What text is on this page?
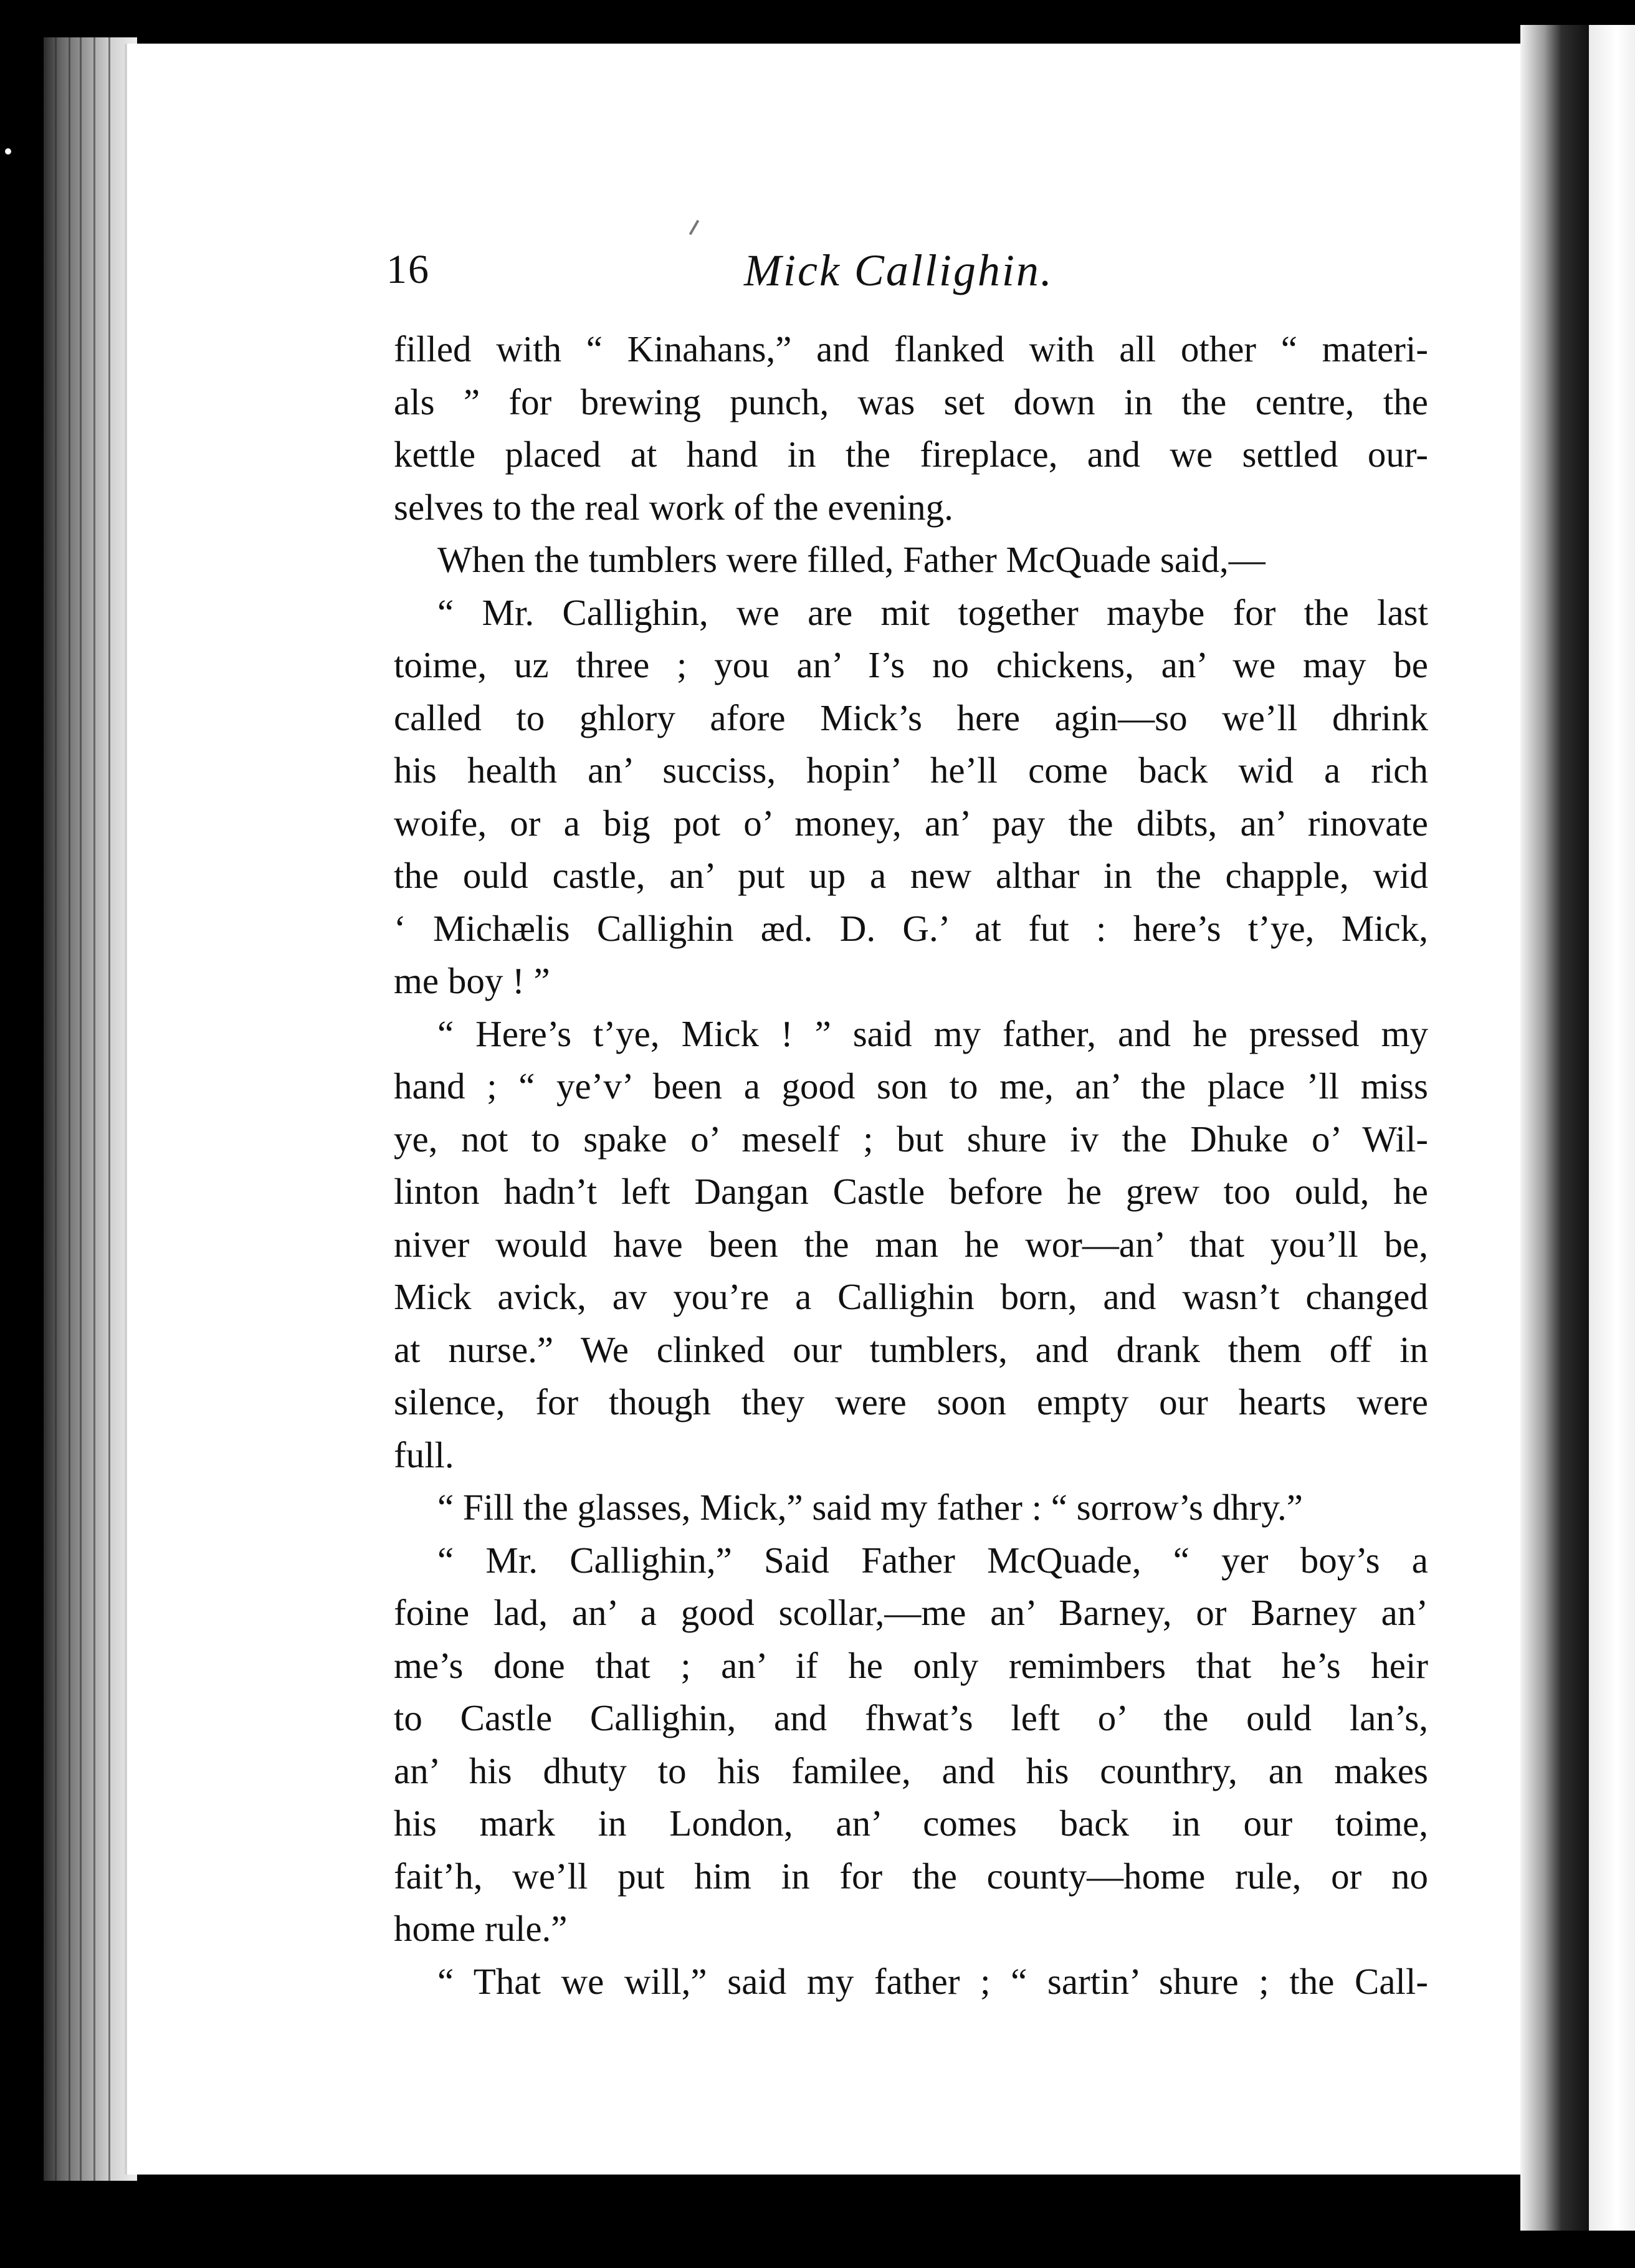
16	Mick Callighin.

filled with “ Kinahans,” and flanked with all other “ materi-

als ” for brewing punch, was set down in the centre, the

kettle placed at hand in the fireplace, and we settled our-

selves to the real work of the evening.

When the tumblers were filled, Father McQuade said,—

“ Mr. Callighin, we are mit together maybe for the last

toime, uz three ; you an’ I’s no chickens, an’ we may be

called to ghlory afore Mick’s here agin—so we’ll dhrink

his health an’ succiss, hopin’ he’ll come back wid a rich

woife, or a big pot o’ money, an’ pay the dibts, an’ rinovate

the ould castle, an’ put up a new althar in the chapple, wid

‘ Michælis Callighin æd. D. G.’ at fut : here’s t’ye, Mick,

me boy ! ”

“ Here’s t’ye, Mick ! ” said my father, and he pressed my

hand ; “ ye’v’ been a good son to me, an’ the place ’ll miss

ye, not to spake o’ meself ; but shure iv the Dhuke o’ Wil-

linton hadn’t left Dangan Castle before he grew too ould, he

niver would have been the man he wor—an’ that you’ll be,

Mick avick, av you’re a Callighin born, and wasn’t changed

at nurse.” We clinked our tumblers, and drank them off in

silence, for though they were soon empty our hearts were

full.

“ Fill the glasses, Mick,” said my father : “ sorrow’s dhry.”

“ Mr. Callighin,” Said Father McQuade, “ yer boy’s a

foine lad, an’ a good scollar,—me an’ Barney, or Barney an’

me’s done that ; an’ if he only remimbers that he’s heir

to Castle Callighin, and fhwat’s left o’ the ould lan’s,

an’ his dhuty to his familee, and his counthry, an makes

his mark in London, an’ comes back in our toime,

fait’h, we’ll put him in for the county—home rule, or no

home rule.”

“ That we will,” said my father ; “ sartin’ shure ; the Call-
